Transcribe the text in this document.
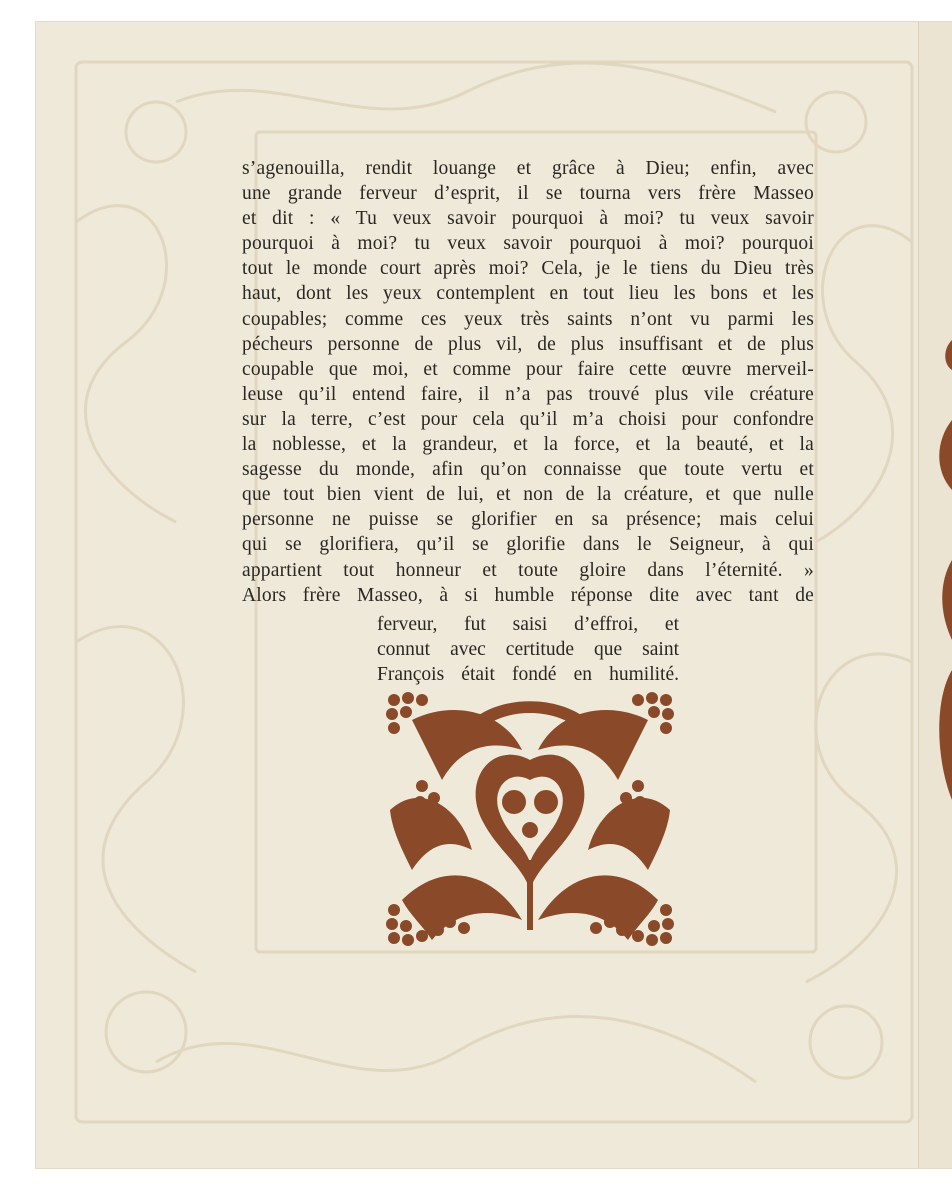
s’agenouilla, rendit louange et grâce à Dieu; enfin, avec
une grande ferveur d’esprit, il se tourna vers frère Masseo
et dit : « Tu veux savoir pourquoi à moi? tu veux savoir
pourquoi à moi? tu veux savoir pourquoi à moi? pourquoi
tout le monde court après moi? Cela, je le tiens du Dieu très
haut, dont les yeux contemplent en tout lieu les bons et les
coupables; comme ces yeux très saints n’ont vu parmi les
pécheurs personne de plus vil, de plus insuffisant et de plus
coupable que moi, et comme pour faire cette œuvre merveil-
leuse qu’il entend faire, il n’a pas trouvé plus vile créature
sur la terre, c’est pour cela qu’il m’a choisi pour confondre
la noblesse, et la grandeur, et la force, et la beauté, et la
sagesse du monde, afin qu’on connaisse que toute vertu et
que tout bien vient de lui, et non de la créature, et que nulle
personne ne puisse se glorifier en sa présence; mais celui
qui se glorifiera, qu’il se glorifie dans le Seigneur, à qui
appartient tout honneur et toute gloire dans l’éternité. »
Alors frère Masseo, à si humble réponse dite avec tant de
ferveur, fut saisi d’effroi, et
connut avec certitude que saint
François était fondé en humilité.
